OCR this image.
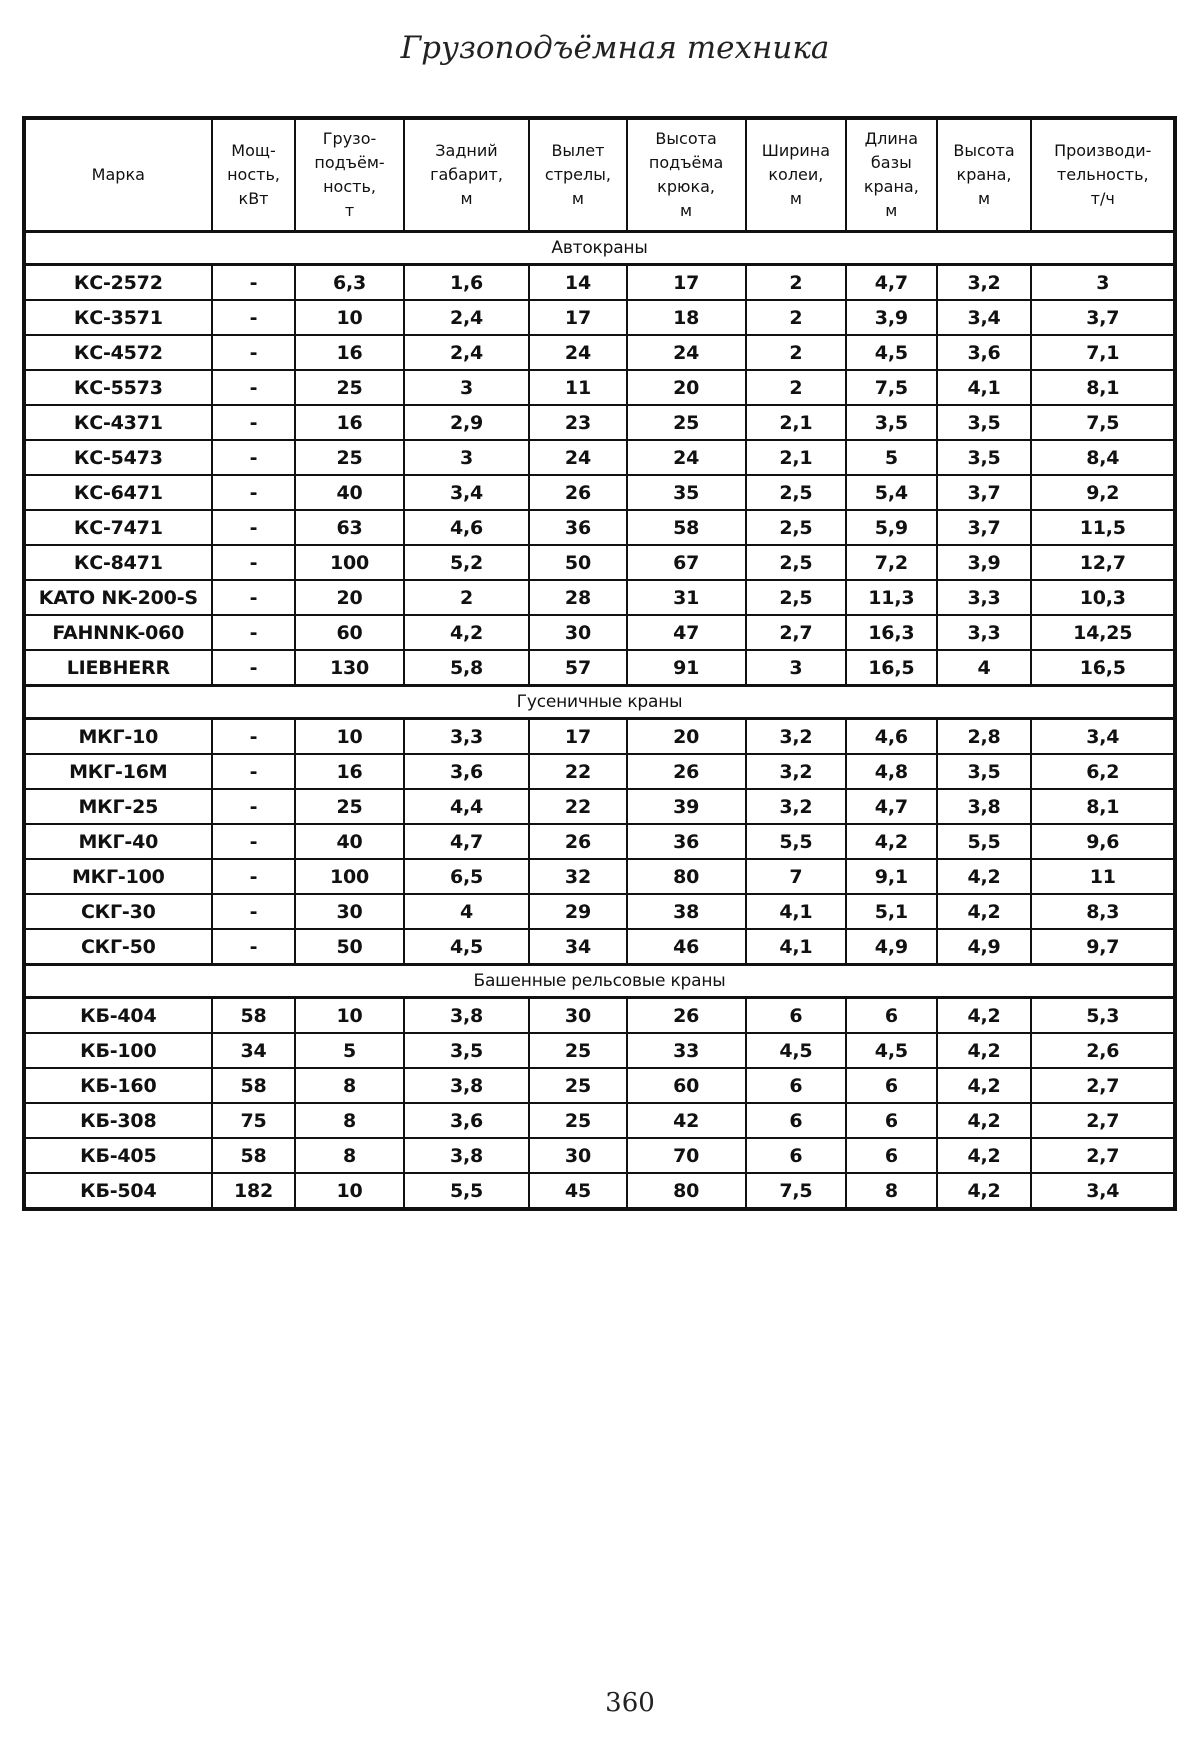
Грузоподъёмная техника
Марка	Мощ-
ность,
кВт	Грузо-
подъём-
ность,
т	Задний
габарит,
м	Вылет
стрелы,
м	Высота
подъёма
крюка,
м	Ширина
колеи,
м	Длина
базы
крана,
м	Высота
крана,
м	Производи-
тельность,
т/ч
Автокраны									
КС-2572	-	6,3	1,6	14	17	2	4,7	3,2	3
КС-3571	-	10	2,4	17	18	2	3,9	3,4	3,7
КС-4572	-	16	2,4	24	24	2	4,5	3,6	7,1
КС-5573	-	25	3	11	20	2	7,5	4,1	8,1
КС-4371	-	16	2,9	23	25	2,1	3,5	3,5	7,5
КС-5473	-	25	3	24	24	2,1	5	3,5	8,4
КС-6471	-	40	3,4	26	35	2,5	5,4	3,7	9,2
КС-7471	-	63	4,6	36	58	2,5	5,9	3,7	11,5
КС-8471	-	100	5,2	50	67	2,5	7,2	3,9	12,7
KATO NK-200-S	-	20	2	28	31	2,5	11,3	3,3	10,3
FAHNNK-060	-	60	4,2	30	47	2,7	16,3	3,3	14,25
LIEBHERR	-	130	5,8	57	91	3	16,5	4	16,5
Гусеничные краны									
МКГ-10	-	10	3,3	17	20	3,2	4,6	2,8	3,4
МКГ-16М	-	16	3,6	22	26	3,2	4,8	3,5	6,2
МКГ-25	-	25	4,4	22	39	3,2	4,7	3,8	8,1
МКГ-40	-	40	4,7	26	36	5,5	4,2	5,5	9,6
МКГ-100	-	100	6,5	32	80	7	9,1	4,2	11
СКГ-30	-	30	4	29	38	4,1	5,1	4,2	8,3
СКГ-50	-	50	4,5	34	46	4,1	4,9	4,9	9,7
Башенные рельсовые краны									
КБ-404	58	10	3,8	30	26	6	6	4,2	5,3
КБ-100	34	5	3,5	25	33	4,5	4,5	4,2	2,6
КБ-160	58	8	3,8	25	60	6	6	4,2	2,7
КБ-308	75	8	3,6	25	42	6	6	4,2	2,7
КБ-405	58	8	3,8	30	70	6	6	4,2	2,7
КБ-504	182	10	5,5	45	80	7,5	8	4,2	3,4
360
